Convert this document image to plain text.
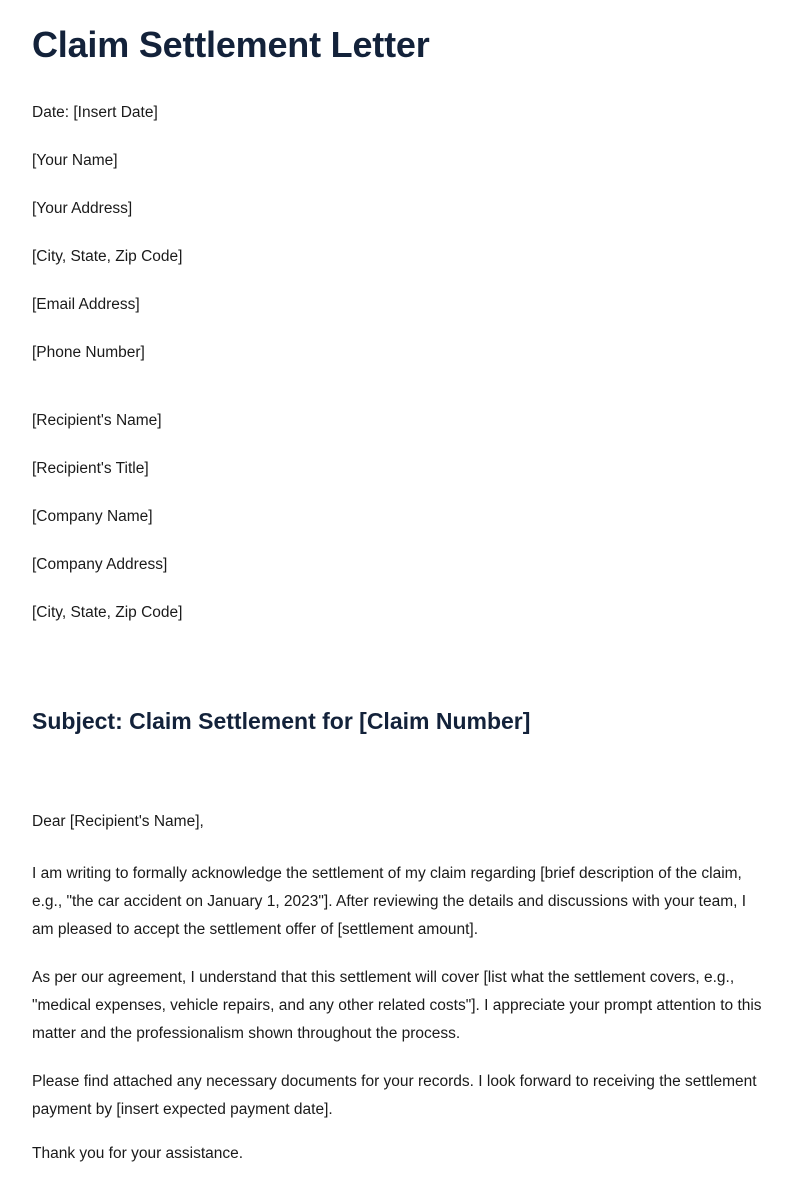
Claim Settlement Letter

Date: [Insert Date]

[Your Name]

[Your Address]

[City, State, Zip Code]

[Email Address]

[Phone Number]

[Recipient's Name]

[Recipient's Title]

[Company Name]

[Company Address]

[City, State, Zip Code]

Subject: Claim Settlement for [Claim Number]

Dear [Recipient's Name],

I am writing to formally acknowledge the settlement of my claim regarding [brief description of the claim, e.g., "the car accident on January 1, 2023"]. After reviewing the details and discussions with your team, I am pleased to accept the settlement offer of [settlement amount].

As per our agreement, I understand that this settlement will cover [list what the settlement covers, e.g., "medical expenses, vehicle repairs, and any other related costs"]. I appreciate your prompt attention to this matter and the professionalism shown throughout the process.

Please find attached any necessary documents for your records. I look forward to receiving the settlement payment by [insert expected payment date].

Thank you for your assistance.
